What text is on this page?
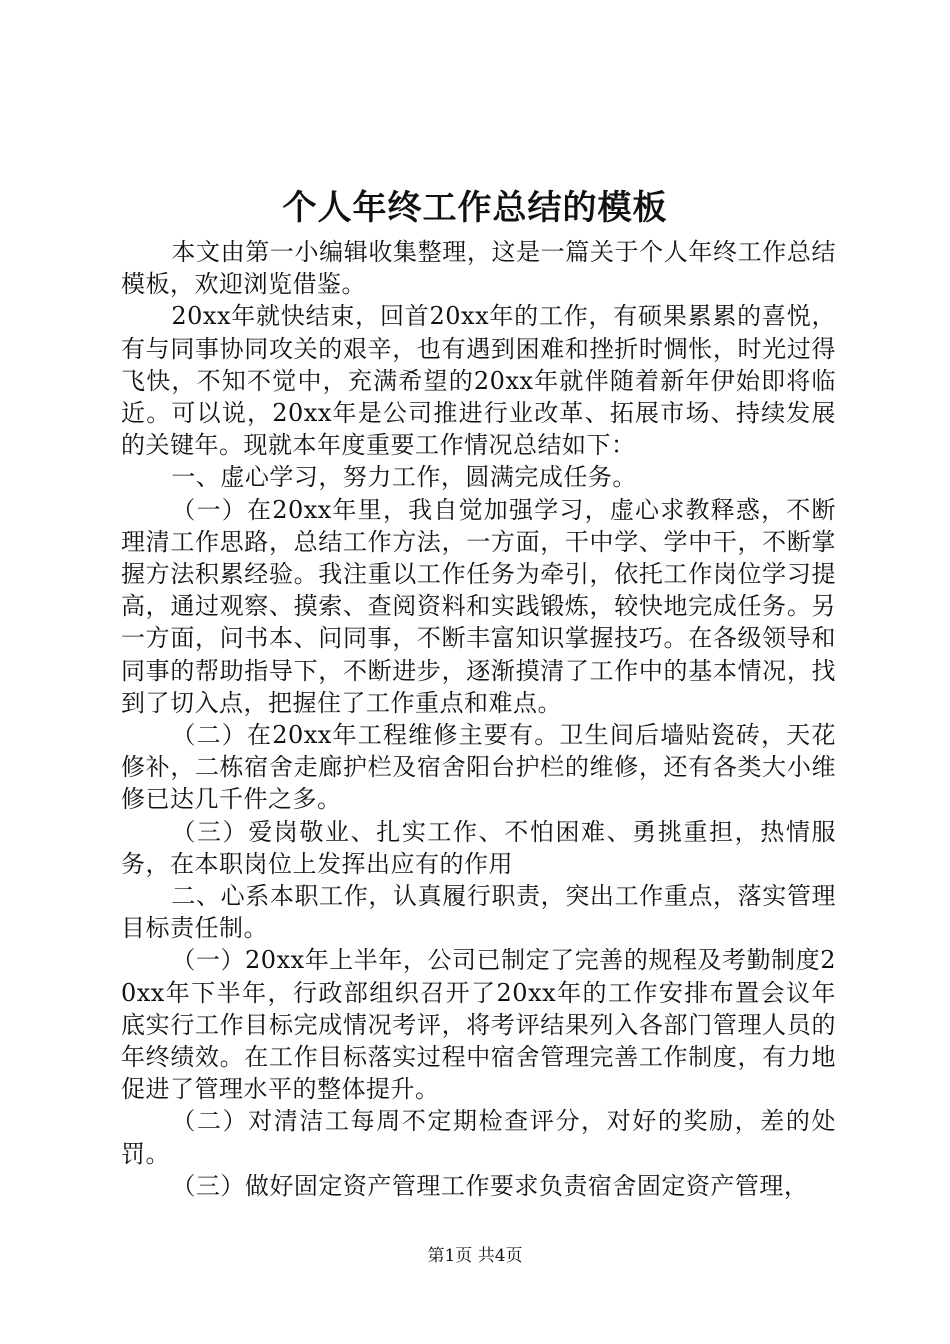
个人年终工作总结的模板

本文由第一小编辑收集整理，这是一篇关于个人年终工作总结模板，欢迎浏览借鉴。

20xx年就快结束，回首20xx年的工作，有硕果累累的喜悦，有与同事协同攻关的艰辛，也有遇到困难和挫折时惆怅，时光过得飞快，不知不觉中，充满希望的20xx年就伴随着新年伊始即将临近。可以说，20xx年是公司推进行业改革、拓展市场、持续发展的关键年。现就本年度重要工作情况总结如下：

一、虚心学习，努力工作，圆满完成任务。

（一）在20xx年里，我自觉加强学习，虚心求教释惑，不断理清工作思路，总结工作方法，一方面，干中学、学中干，不断掌握方法积累经验。我注重以工作任务为牵引，依托工作岗位学习提高，通过观察、摸索、查阅资料和实践锻炼，较快地完成任务。另一方面，问书本、问同事，不断丰富知识掌握技巧。在各级领导和同事的帮助指导下，不断进步，逐渐摸清了工作中的基本情况，找到了切入点，把握住了工作重点和难点。

（二）在20xx年工程维修主要有。卫生间后墙贴瓷砖，天花修补，二栋宿舍走廊护栏及宿舍阳台护栏的维修，还有各类大小维修已达几千件之多。

（三）爱岗敬业、扎实工作、不怕困难、勇挑重担，热情服务，在本职岗位上发挥出应有的作用

二、心系本职工作，认真履行职责，突出工作重点，落实管理目标责任制。

（一）20xx年上半年，公司已制定了完善的规程及考勤制度20xx年下半年，行政部组织召开了20xx年的工作安排布置会议年底实行工作目标完成情况考评，将考评结果列入各部门管理人员的年终绩效。在工作目标落实过程中宿舍管理完善工作制度，有力地促进了管理水平的整体提升。

（二）对清洁工每周不定期检查评分，对好的奖励，差的处罚。

（三）做好固定资产管理工作要求负责宿舍固定资产管理，

第1页 共4页
